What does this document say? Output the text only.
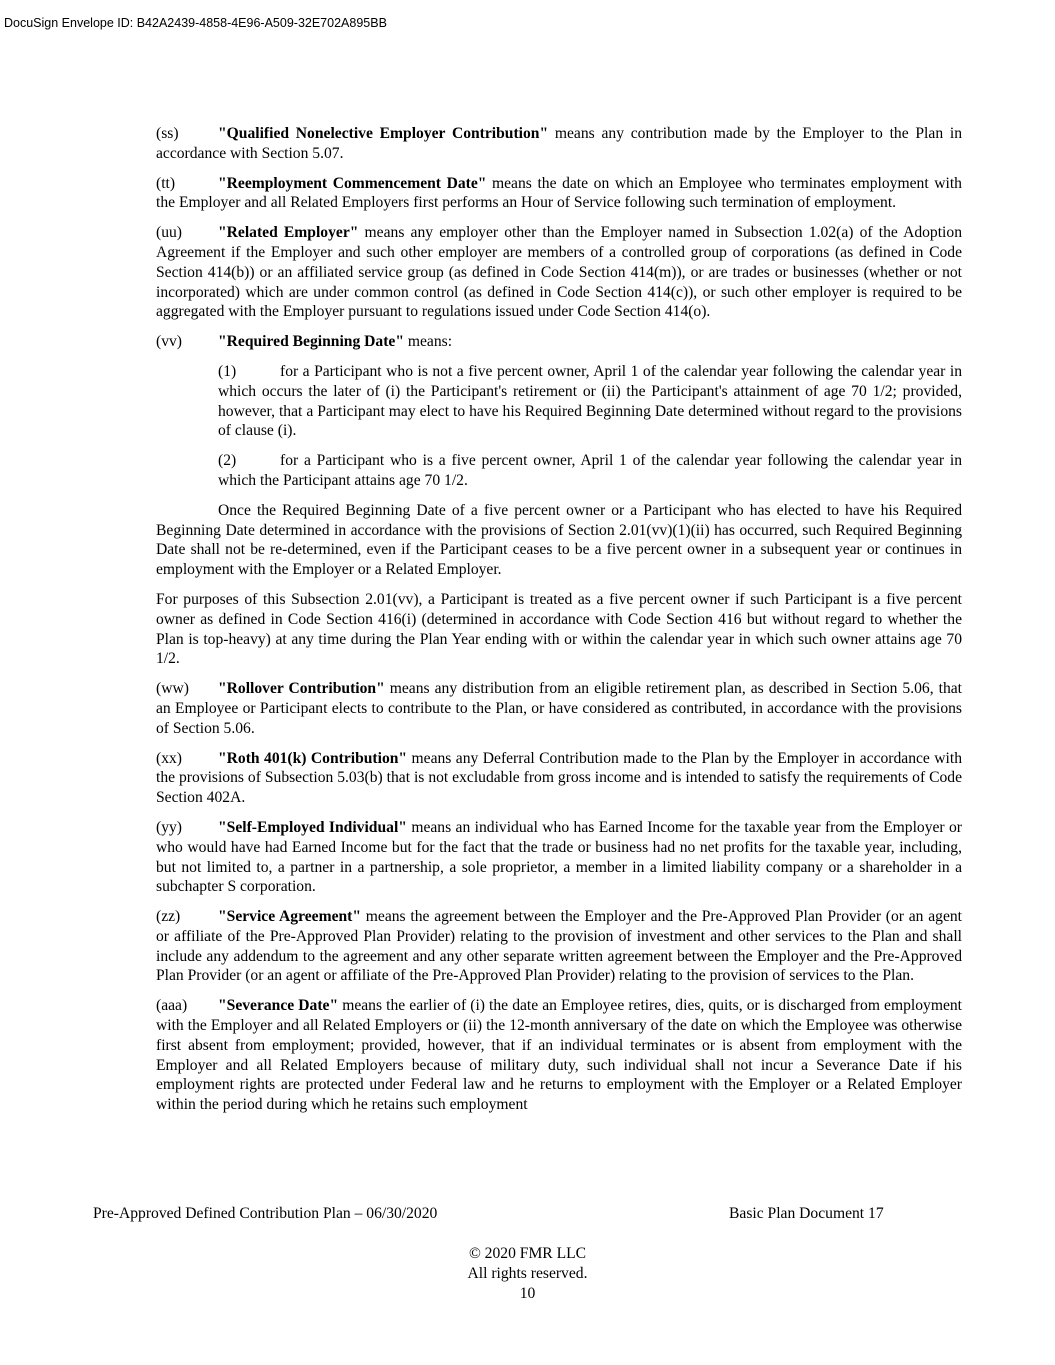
DocuSign Envelope ID: B42A2439-4858-4E96-A509-32E702A895BB

(ss)	"Qualified Nonelective Employer Contribution" means any contribution made by the Employer to the Plan in accordance with Section 5.07.

(tt)	"Reemployment Commencement Date" means the date on which an Employee who terminates employment with the Employer and all Related Employers first performs an Hour of Service following such termination of employment.

(uu) "Related Employer" means any employer other than the Employer named in Subsection 1.02(a) of the Adoption Agreement if the Employer and such other employer are members of a controlled group of corporations (as defined in Code Section 414(b)) or an affiliated service group (as defined in Code Section 414(m)), or are trades or businesses (whether or not incorporated) which are under common control (as defined in Code Section 414(c)), or such other employer is required to be aggregated with the Employer pursuant to regulations issued under Code Section 414(o).

(vv) "Required Beginning Date" means:

(1)	for a Participant who is not a five percent owner, April 1 of the calendar year following the calendar year in which occurs the later of (i) the Participant's retirement or (ii) the Participant's attainment of age 70 1/2; provided, however, that a Participant may elect to have his Required Beginning Date determined without regard to the provisions of clause (i).

(2)	for a Participant who is a five percent owner, April 1 of the calendar year following the calendar year in which the Participant attains age 70 1/2.

Once the Required Beginning Date of a five percent owner or a Participant who has elected to have his Required Beginning Date determined in accordance with the provisions of Section 2.01(vv)(1)(ii) has occurred, such Required Beginning Date shall not be re-determined, even if the Participant ceases to be a five percent owner in a subsequent year or continues in employment with the Employer or a Related Employer.

For purposes of this Subsection 2.01(vv), a Participant is treated as a five percent owner if such Participant is a five percent owner as defined in Code Section 416(i) (determined in accordance with Code Section 416 but without regard to whether the Plan is top-heavy) at any time during the Plan Year ending with or within the calendar year in which such owner attains age 70 1/2.

(ww) "Rollover Contribution" means any distribution from an eligible retirement plan, as described in Section 5.06, that an Employee or Participant elects to contribute to the Plan, or have considered as contributed, in accordance with the provisions of Section 5.06.

(xx) "Roth 401(k) Contribution" means any Deferral Contribution made to the Plan by the Employer in accordance with the provisions of Subsection 5.03(b) that is not excludable from gross income and is intended to satisfy the requirements of Code Section 402A.

(yy) "Self-Employed Individual" means an individual who has Earned Income for the taxable year from the Employer or who would have had Earned Income but for the fact that the trade or business had no net profits for the taxable year, including, but not limited to, a partner in a partnership, a sole proprietor, a member in a limited liability company or a shareholder in a subchapter S corporation.

(zz) "Service Agreement" means the agreement between the Employer and the Pre-Approved Plan Provider (or an agent or affiliate of the Pre-Approved Plan Provider) relating to the provision of investment and other services to the Plan and shall include any addendum to the agreement and any other separate written agreement between the Employer and the Pre-Approved Plan Provider (or an agent or affiliate of the Pre-Approved Plan Provider) relating to the provision of services to the Plan.

(aaa) "Severance Date" means the earlier of (i) the date an Employee retires, dies, quits, or is discharged from employment with the Employer and all Related Employers or (ii) the 12-month anniversary of the date on which the Employee was otherwise first absent from employment; provided, however, that if an individual terminates or is absent from employment with the Employer and all Related Employers because of military duty, such individual shall not incur a Severance Date if his employment rights are protected under Federal law and he returns to employment with the Employer or a Related Employer within the period during which he retains such employment

Pre-Approved Defined Contribution Plan – 06/30/2020	Basic Plan Document 17
© 2020 FMR LLC
All rights reserved.
10
